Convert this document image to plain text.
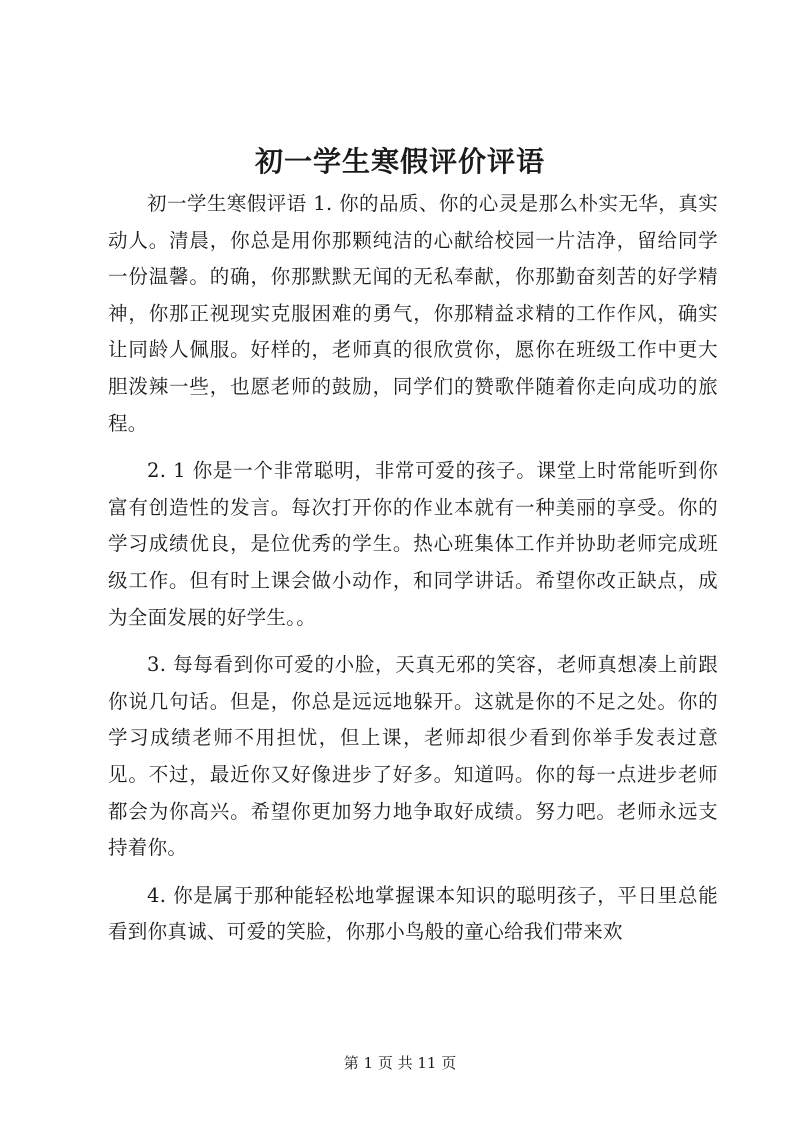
初一学生寒假评价评语

初一学生寒假评语 1. 你的品质、你的心灵是那么朴实无华，真实动人。清晨，你总是用你那颗纯洁的心献给校园一片洁净，留给同学一份温馨。的确，你那默默无闻的无私奉献，你那勤奋刻苦的好学精神，你那正视现实克服困难的勇气，你那精益求精的工作作风，确实让同龄人佩服。好样的，老师真的很欣赏你，愿你在班级工作中更大胆泼辣一些，也愿老师的鼓励，同学们的赞歌伴随着你走向成功的旅程。

2. 1 你是一个非常聪明，非常可爱的孩子。课堂上时常能听到你富有创造性的发言。每次打开你的作业本就有一种美丽的享受。你的学习成绩优良，是位优秀的学生。热心班集体工作并协助老师完成班级工作。但有时上课会做小动作，和同学讲话。希望你改正缺点，成为全面发展的好学生。。

3. 每每看到你可爱的小脸，天真无邪的笑容，老师真想凑上前跟你说几句话。但是，你总是远远地躲开。这就是你的不足之处。你的学习成绩老师不用担忧，但上课，老师却很少看到你举手发表过意见。不过，最近你又好像进步了好多。知道吗。你的每一点进步老师都会为你高兴。希望你更加努力地争取好成绩。努力吧。老师永远支持着你。

4. 你是属于那种能轻松地掌握课本知识的聪明孩子，平日里总能看到你真诚、可爱的笑脸，你那小鸟般的童心给我们带来欢

第 1 页 共 11 页
